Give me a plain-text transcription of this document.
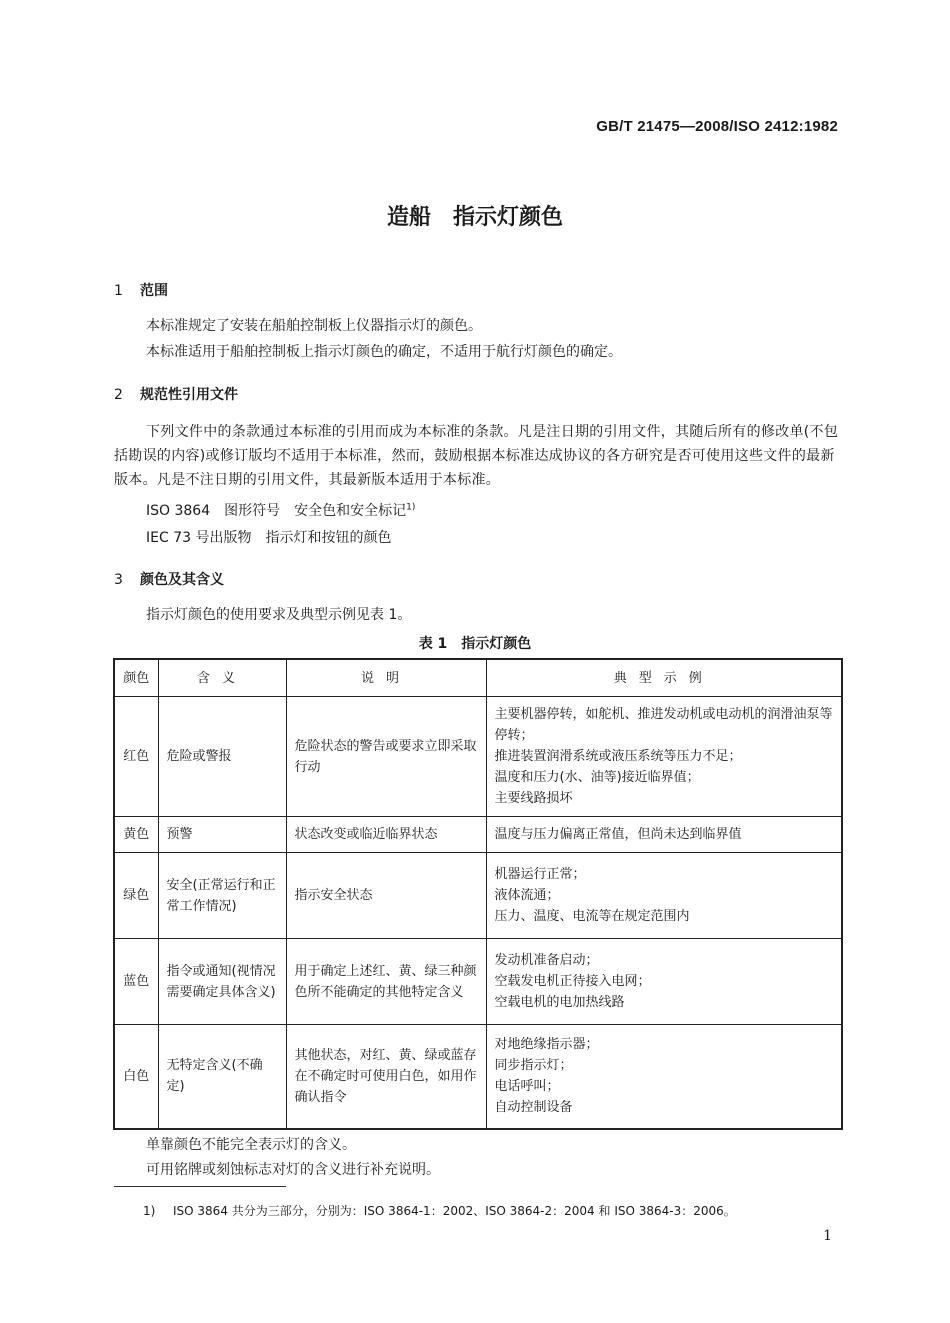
GB/T 21475—2008/ISO 2412:1982
造船　指示灯颜色
1 范围
本标准规定了安装在船舶控制板上仪器指示灯的颜色。
本标准适用于船舶控制板上指示灯颜色的确定，不适用于航行灯颜色的确定。
2 规范性引用文件
下列文件中的条款通过本标准的引用而成为本标准的条款。凡是注日期的引用文件，其随后所有的修改单(不包括勘误的内容)或修订版均不适用于本标准，然而，鼓励根据本标准达成协议的各方研究是否可使用这些文件的最新版本。凡是不注日期的引用文件，其最新版本适用于本标准。
ISO 3864 图形符号　安全色和安全标记$^{1)}$
IEC 73 号出版物 指示灯和按钮的颜色
3 颜色及其含义
指示灯颜色的使用要求及典型示例见表 1。
表 1　指示灯颜色
颜色	含义	说明	典型示例
红色	危险或警报	危险状态的警告或要求立即采取行动	主要机器停转，如舵机、推进发动机或电动机的润滑油泵等停转；
推进装置润滑系统或液压系统等压力不足；
温度和压力(水、油等)接近临界值；
主要线路损坏

黄色	预警	状态改变或临近临界状态	温度与压力偏离正常值，但尚未达到临界值

绿色	安全(正常运行和正常工作情况)	指示安全状态	机器运行正常；
液体流通；
压力、温度、电流等在规定范围内

蓝色	指令或通知(视情况需要确定具体含义)	用于确定上述红、黄、绿三种颜色所不能确定的其他特定含义	发动机准备启动；
空载发电机正待接入电网；
空载电机的电加热线路

白色	无特定含义(不确定)	其他状态，对红、黄、绿或蓝存在不确定时可使用白色，如用作确认指令	对地绝缘指示器；
同步指示灯；
电话呼叫；
自动控制设备
单靠颜色不能完全表示灯的含义。
可用铭牌或刻蚀标志对灯的含义进行补充说明。
1) ISO 3864 共分为三部分，分别为：ISO 3864-1：2002、ISO 3864-2：2004 和 ISO 3864-3：2006。
1
